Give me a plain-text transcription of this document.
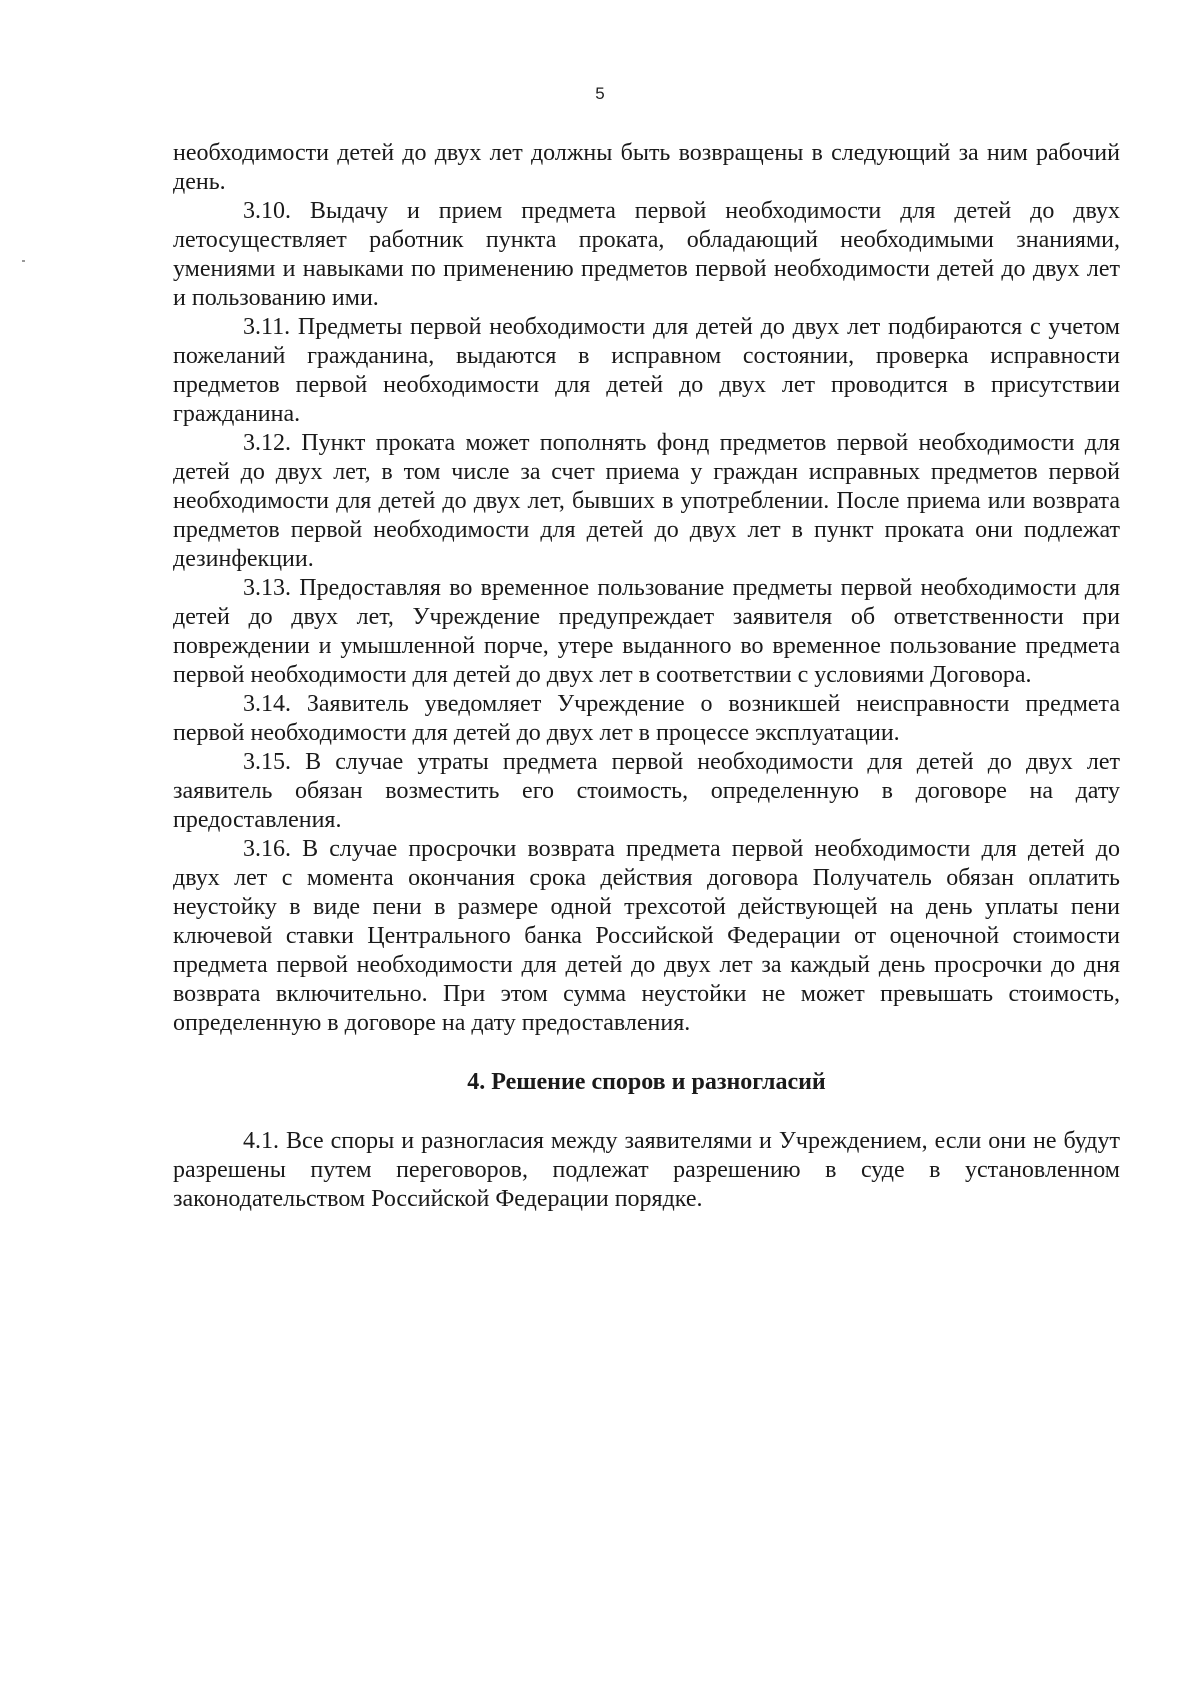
5

необходимости детей до двух лет должны быть возвращены в следующий за ним рабочий день.

3.10. Выдачу и прием предмета первой необходимости для детей до двух летосуществляет работник пункта проката, обладающий необходимыми знаниями, умениями и навыками по применению предметов первой необходимости детей до двух лет и пользованию ими.

3.11. Предметы первой необходимости для детей до двух лет подбираются с учетом пожеланий гражданина, выдаются в исправном состоянии, проверка исправности предметов первой необходимости для детей до двух лет проводится в присутствии гражданина.

3.12. Пункт проката может пополнять фонд предметов первой необходимости для детей до двух лет, в том числе за счет приема у граждан исправных предметов первой необходимости для детей до двух лет, бывших в употреблении. После приема или возврата предметов первой необходимости для детей до двух лет в пункт проката они подлежат дезинфекции.

3.13. Предоставляя во временное пользование предметы первой необходимости для детей до двух лет, Учреждение предупреждает заявителя об ответственности при повреждении и умышленной порче, утере выданного во временное пользование предмета первой необходимости для детей до двух лет в соответствии с условиями Договора.

3.14. Заявитель уведомляет Учреждение о возникшей неисправности предмета первой необходимости для детей до двух лет в процессе эксплуатации.

3.15. В случае утраты предмета первой необходимости для детей до двух лет заявитель обязан возместить его стоимость, определенную в договоре на дату предоставления.

3.16. В случае просрочки возврата предмета первой необходимости для детей до двух лет с момента окончания срока действия договора Получатель обязан оплатить неустойку в виде пени в размере одной трехсотой действующей на день уплаты пени ключевой ставки Центрального банка Российской Федерации от оценочной стоимости предмета первой необходимости для детей до двух лет за каждый день просрочки до дня возврата включительно. При этом сумма неустойки не может превышать стоимость, определенную в договоре на дату предоставления.

4. Решение споров и разногласий

4.1. Все споры и разногласия между заявителями и Учреждением, если они не будут разрешены путем переговоров, подлежат разрешению в суде в установленном законодательством Российской Федерации порядке.
